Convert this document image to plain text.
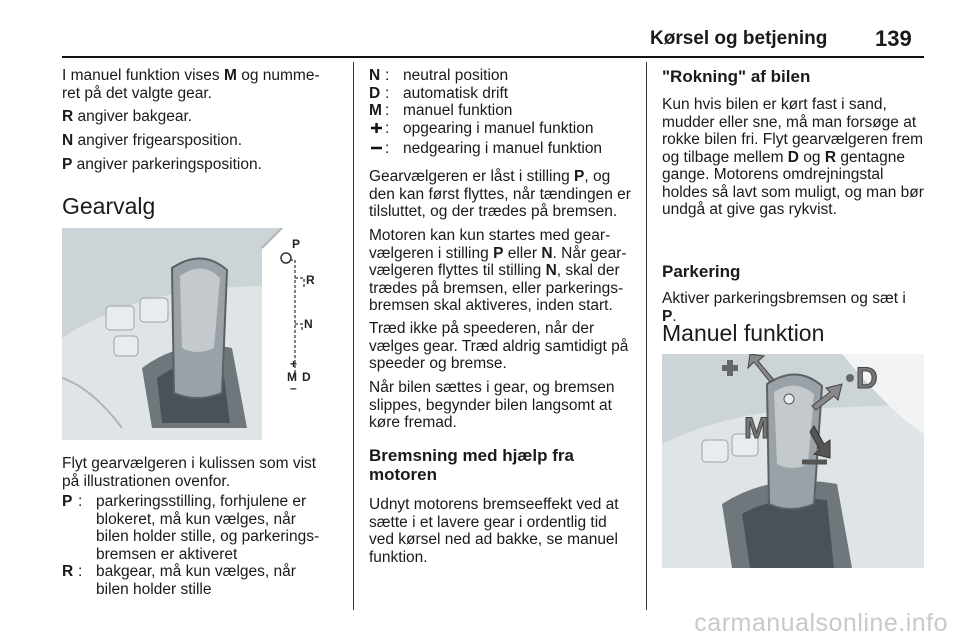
Kørsel og betjening 139
I manuel funktion vises M og numme-
ret på det valgte gear.
R angiver bakgear.
N angiver frigearsposition.
P angiver parkeringsposition.
Gearvalg
P
R
N
+
M D
–
Flyt gearvælgeren i kulissen som vist
på illustrationen ovenfor.
P : parkeringsstilling, forhjulene er
blokeret, må kun vælges, når
bilen holder stille, og parkerings-
bremsen er aktiveret
R : bakgear, må kun vælges, når
bilen holder stille
N : neutral position
D : automatisk drift
M : manuel funktion
: opgearing i manuel funktion
: nedgearing i manuel funktion
Gearvælgeren er låst i stilling P, og
den kan først flyttes, når tændingen er
tilsluttet, og der trædes på bremsen.
Motoren kan kun startes med gear-
vælgeren i stilling P eller N. Når gear-
vælgeren flyttes til stilling N, skal der
trædes på bremsen, eller parkerings-
bremsen skal aktiveres, inden start.
Træd ikke på speederen, når der
vælges gear. Træd aldrig samtidigt på
speeder og bremse.
Når bilen sættes i gear, og bremsen
slippes, begynder bilen langsomt at
køre fremad.
Bremsning med hjælp fra
motoren
Udnyt motorens bremseeffekt ved at
sætte i et lavere gear i ordentlig tid
ved kørsel ned ad bakke, se manuel
funktion.
"Rokning" af bilen
Kun hvis bilen er kørt fast i sand,
mudder eller sne, må man forsøge at
rokke bilen fri. Flyt gearvælgeren frem
og tilbage mellem D og R gentagne
gange. Motorens omdrejningstal
holdes så lavt som muligt, og man bør
undgå at give gas rykvist.
Parkering
Aktiver parkeringsbremsen og sæt i
P.
Manuel funktion
D
M
carmanualsonline.info
